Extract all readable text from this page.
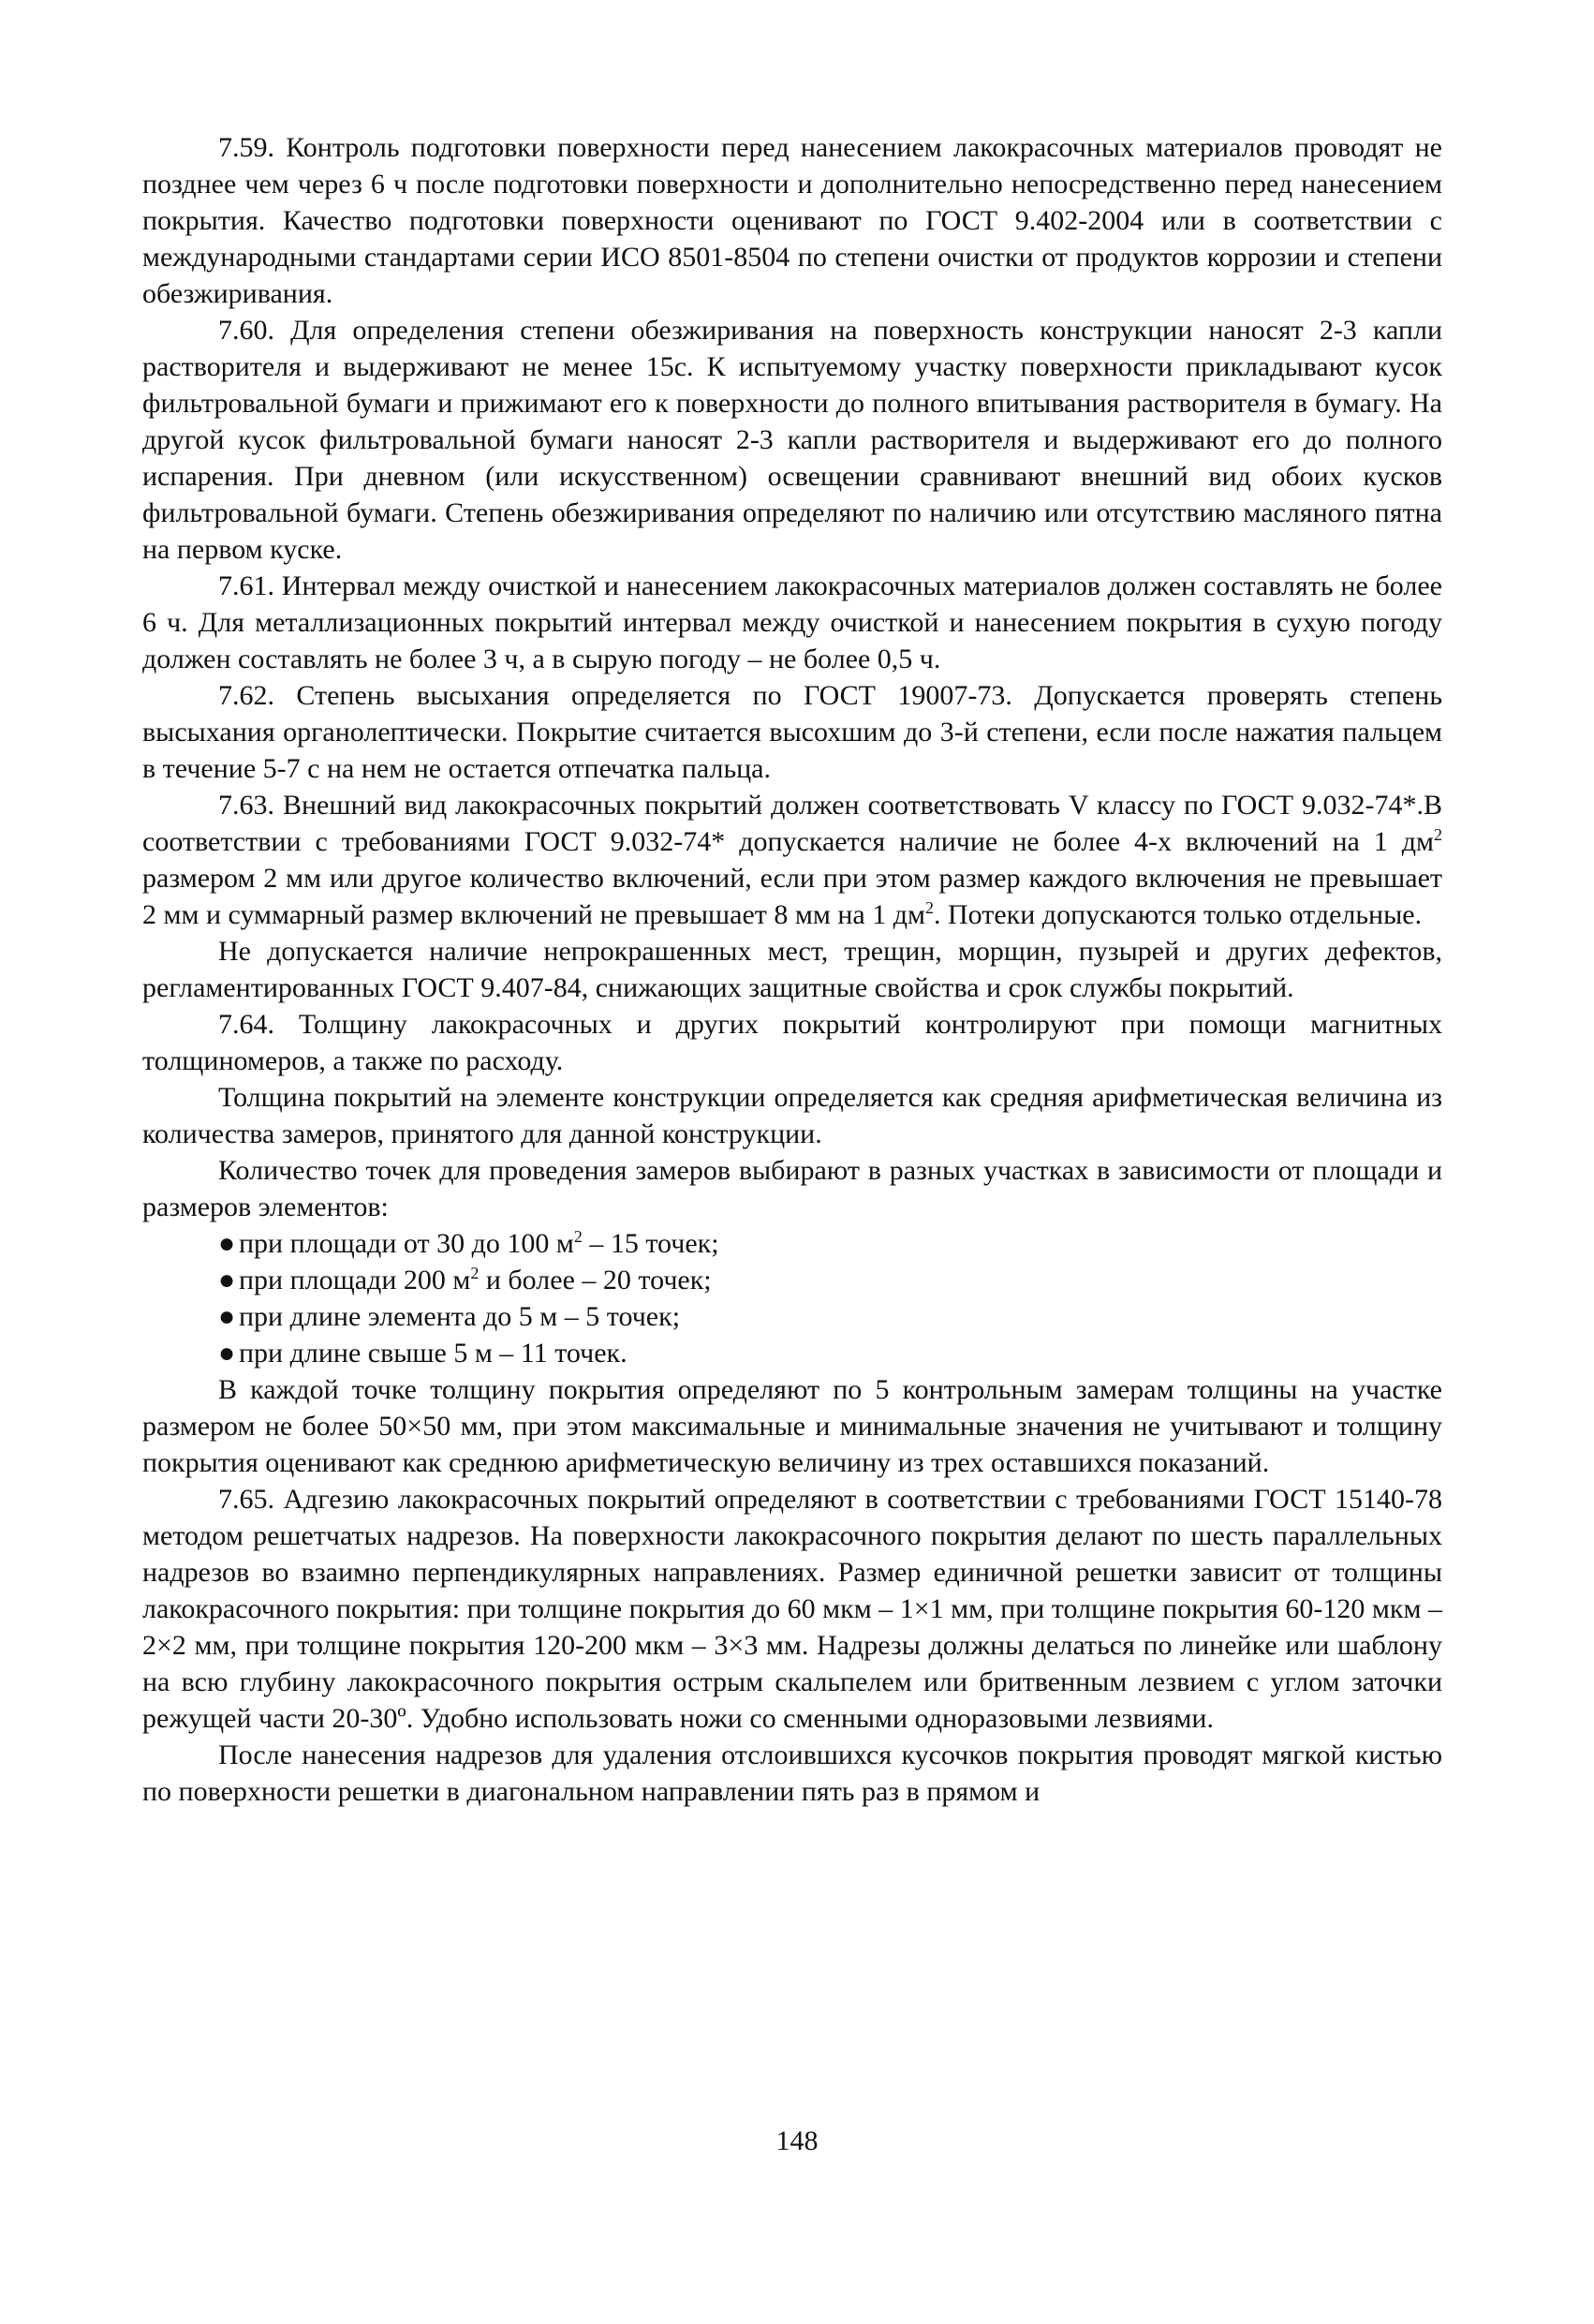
7.59. Контроль подготовки поверхности перед нанесением лакокрасочных материалов проводят не позднее чем через 6 ч после подготовки поверхности и дополнительно непосредственно перед нанесением покрытия. Качество подготовки поверхности оценивают по ГОСТ 9.402-2004 или в соответствии с международными стандартами серии ИСО 8501-8504 по степени очистки от продуктов коррозии и степени обезжиривания.

7.60. Для определения степени обезжиривания на поверхность конструкции наносят 2-3 капли растворителя и выдерживают не менее 15с. К испытуемому участку поверхности прикладывают кусок фильтровальной бумаги и прижимают его к поверхности до полного впитывания растворителя в бумагу. На другой кусок фильтровальной бумаги наносят 2-3 капли растворителя и выдерживают его до полного испарения. При дневном (или искусственном) освещении сравнивают внешний вид обоих кусков фильтровальной бумаги. Степень обезжиривания определяют по наличию или отсутствию масляного пятна на первом куске.

7.61. Интервал между очисткой и нанесением лакокрасочных материалов должен составлять не более 6 ч. Для металлизационных покрытий интервал между очисткой и нанесением покрытия в сухую погоду должен составлять не более 3 ч, а в сырую погоду – не более 0,5 ч.

7.62. Степень высыхания определяется по ГОСТ 19007-73. Допускается проверять степень высыхания органолептически. Покрытие считается высохшим до 3-й степени, если после нажатия пальцем в течение 5-7 с на нем не остается отпечатка пальца.

7.63. Внешний вид лакокрасочных покрытий должен соответствовать V классу по ГОСТ 9.032-74*.В соответствии с требованиями ГОСТ 9.032-74* допускается наличие не более 4-х включений на 1 $дм^2$ размером 2 мм или другое количество включений, если при этом размер каждого включения не превышает 2 мм и суммарный размер включений не превышает 8 мм на 1 $дм^2$. Потеки допускаются только отдельные.

Не допускается наличие непрокрашенных мест, трещин, морщин, пузырей и других дефектов, регламентированных ГОСТ 9.407-84, снижающих защитные свойства и срок службы покрытий.

7.64. Толщину лакокрасочных и других покрытий контролируют при помощи магнитных толщиномеров, а также по расходу.

Толщина покрытий на элементе конструкции определяется как средняя арифметическая величина из количества замеров, принятого для данной конструкции.

Количество точек для проведения замеров выбирают в разных участках в зависимости от площади и размеров элементов:

● при площади от 30 до 100 $м^2 - 15$ точек;

● при площади 200 $м^2$ и более – 20 точек;

● при длине элемента до 5 м – 5 точек;

● при длине свыше 5 м – 11 точек.

В каждой точке толщину покрытия определяют по 5 контрольным замерам толщины на участке размером не более 50×50 мм, при этом максимальные и минимальные значения не учитывают и толщину покрытия оценивают как среднюю арифметическую величину из трех оставшихся показаний.

7.65. Адгезию лакокрасочных покрытий определяют в соответствии с требованиями ГОСТ 15140-78 методом решетчатых надрезов. На поверхности лакокрасочного покрытия делают по шесть параллельных надрезов во взаимно перпендикулярных направлениях. Размер единичной решетки зависит от толщины лакокрасочного покрытия: при толщине покрытия до 60 мкм – 1×1 мм, при толщине покрытия 60-120 мкм – 2×2 мм, при толщине покрытия 120-200 мкм – 3×3 мм. Надрезы должны делаться по линейке или шаблону на всю глубину лакокрасочного покрытия острым скальпелем или бритвенным лезвием с углом заточки режущей части 20-30º. Удобно использовать ножи со сменными одноразовыми лезвиями.

После нанесения надрезов для удаления отслоившихся кусочков покрытия проводят мягкой кистью по поверхности решетки в диагональном направлении пять раз в прямом и

148
